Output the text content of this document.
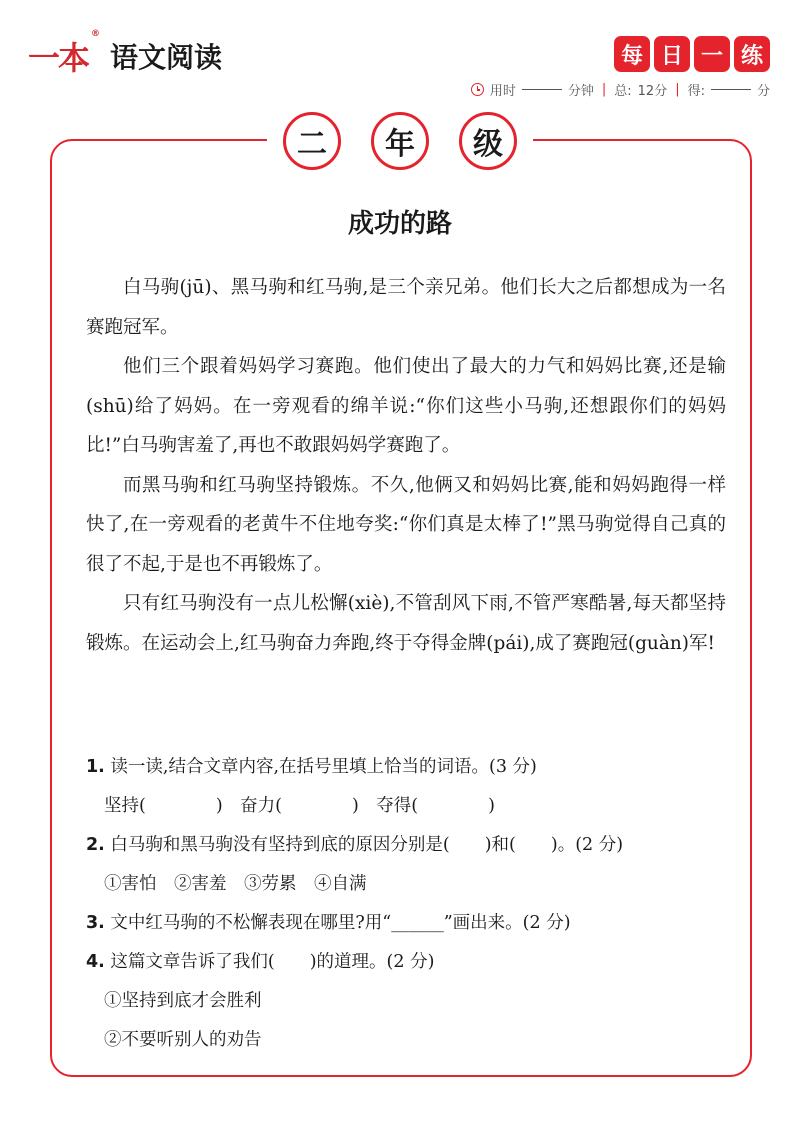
一本
®
语文阅读	每 日 一 练
用时	分钟 | 总: 12分 | 得:	分
二	年	级
成功的路

白马驹(jū)、黑马驹和红马驹,是三个亲兄弟。他们长大之后都想成为一名赛跑冠军。

他们三个跟着妈妈学习赛跑。他们使出了最大的力气和妈妈比赛,还是输(shū)给了妈妈。在一旁观看的绵羊说:“你们这些小马驹,还想跟你们的妈妈比!”白马驹害羞了,再也不敢跟妈妈学赛跑了。

而黑马驹和红马驹坚持锻炼。不久,他俩又和妈妈比赛,能和妈妈跑得一样快了,在一旁观看的老黄牛不住地夸奖:“你们真是太棒了!”黑马驹觉得自己真的很了不起,于是也不再锻炼了。

只有红马驹没有一点儿松懈(xiè),不管刮风下雨,不管严寒酷暑,每天都坚持锻炼。在运动会上,红马驹奋力奔跑,终于夺得金牌(pái),成了赛跑冠(guàn)军!

1. 读一读,结合文章内容,在括号里填上恰当的词语。(3 分)
坚持(　　　　)　奋力(　　　　)　夺得(　　　　)
2. 白马驹和黑马驹没有坚持到底的原因分别是(　　)和(　　)。(2 分)
①害怕　②害羞　③劳累　④自满
3. 文中红马驹的不松懈表现在哪里?用“______”画出来。(2 分)
4. 这篇文章告诉了我们(　　)的道理。(2 分)
①坚持到底才会胜利
②不要听别人的劝告
